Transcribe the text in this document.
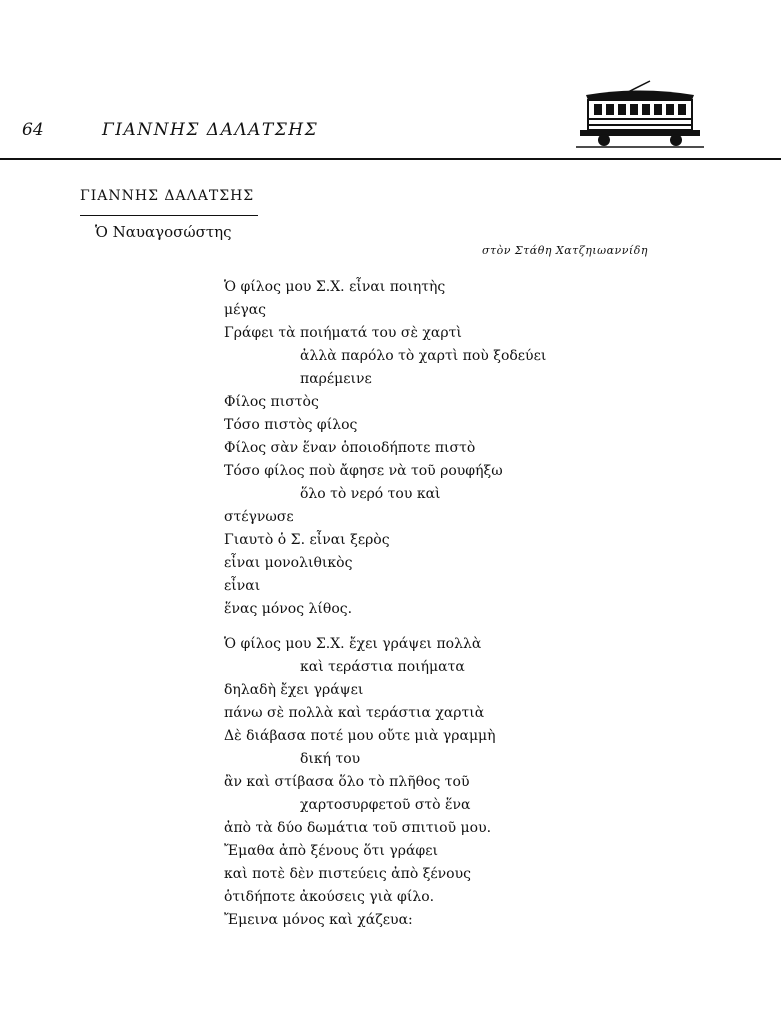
64	ΓΙΑΝΝΗΣ ΔΑΛΑΤΣΗΣ
ΓΙΑΝΝΗΣ ΔΑΛΑΤΣΗΣ
Ὁ Ναυαγοσώστης
στὸν Στάθη Χατζηιωαννίδη
Ὁ φίλος μου Σ.Χ. εἶναι ποιητὴς
μέγας
Γράφει τὰ ποιήματά του σὲ χαρτὶ
ἀλλὰ παρόλο τὸ χαρτὶ ποὺ ξοδεύει
παρέμεινε
Φίλος πιστὸς
Τόσο πιστὸς φίλος
Φίλος σὰν ἕναν ὁποιοδήποτε πιστὸ
Τόσο φίλος ποὺ ἄφησε νὰ τοῦ ρουφήξω
ὅλο τὸ νερό του καὶ
στέγνωσε
Γιαυτὸ ὁ Σ. εἶναι ξερὸς
εἶναι μονολιθικὸς
εἶναι
ἕνας μόνος λίθος.
Ὁ φίλος μου Σ.Χ. ἔχει γράψει πολλὰ
καὶ τεράστια ποιήματα
δηλαδὴ ἔχει γράψει
πάνω σὲ πολλὰ καὶ τεράστια χαρτιὰ
Δὲ διάβασα ποτέ μου οὔτε μιὰ γραμμὴ
δική του
ἂν καὶ στίβασα ὅλο τὸ πλῆθος τοῦ
χαρτοσυρφετοῦ στὸ ἕνα
ἀπὸ τὰ δύο δωμάτια τοῦ σπιτιοῦ μου.
Ἔμαθα ἀπὸ ξένους ὅτι γράφει
καὶ ποτὲ δὲν πιστεύεις ἀπὸ ξένους
ὁτιδήποτε ἀκούσεις γιὰ φίλο.
Ἔμεινα μόνος καὶ χάζευα:
